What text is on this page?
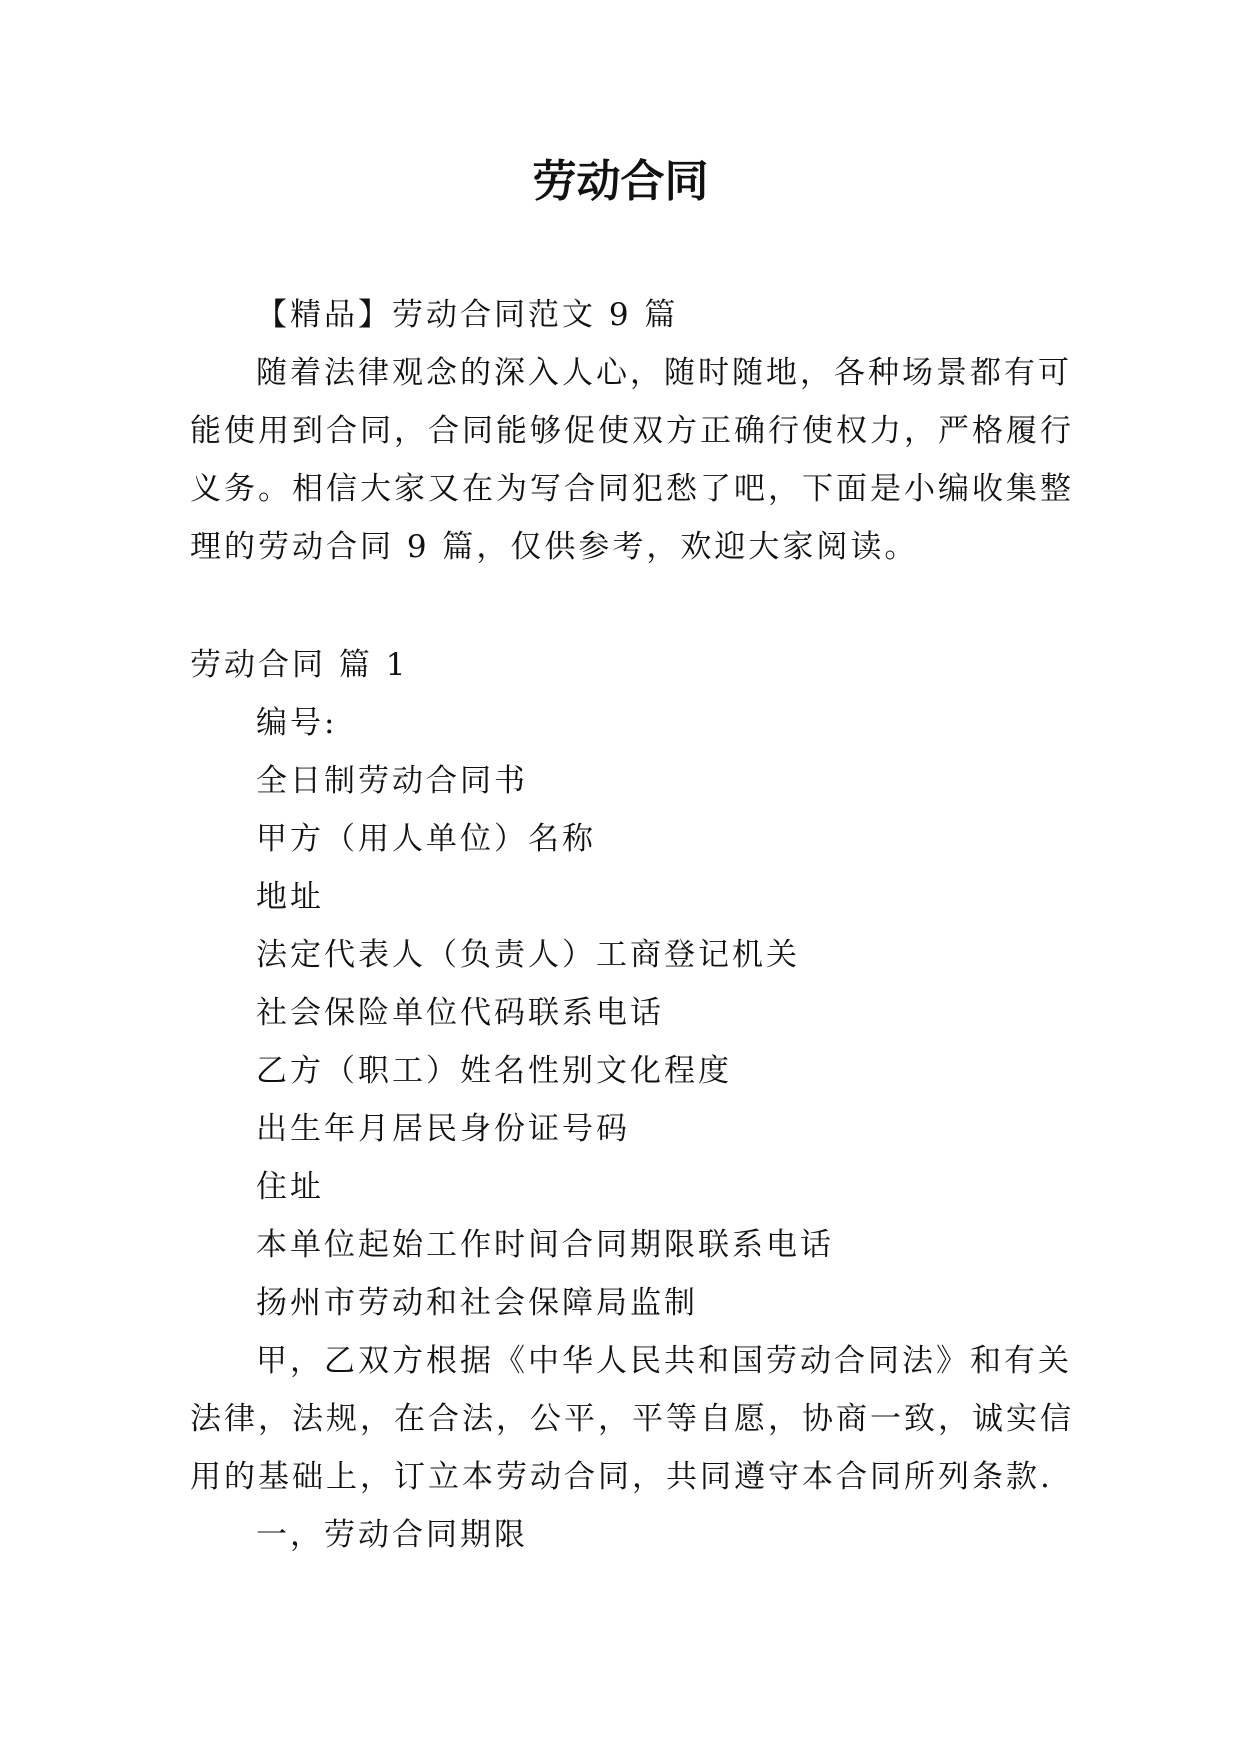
劳动合同
【精品】劳动合同范文 9 篇
随着法律观念的深入人心，随时随地，各种场景都有可
能使用到合同，合同能够促使双方正确行使权力，严格履行
义务。相信大家又在为写合同犯愁了吧，下面是小编收集整
理的劳动合同 9 篇，仅供参考，欢迎大家阅读。
劳动合同 篇 1
编号:
全日制劳动合同书
甲方（用人单位）名称
地址
法定代表人（负责人）工商登记机关
社会保险单位代码联系电话
乙方（职工）姓名性别文化程度
出生年月居民身份证号码
住址
本单位起始工作时间合同期限联系电话
扬州市劳动和社会保障局监制
甲，乙双方根据《中华人民共和国劳动合同法》和有关
法律，法规，在合法，公平，平等自愿，协商一致，诚实信
用的基础上，订立本劳动合同，共同遵守本合同所列条款.
一，劳动合同期限
